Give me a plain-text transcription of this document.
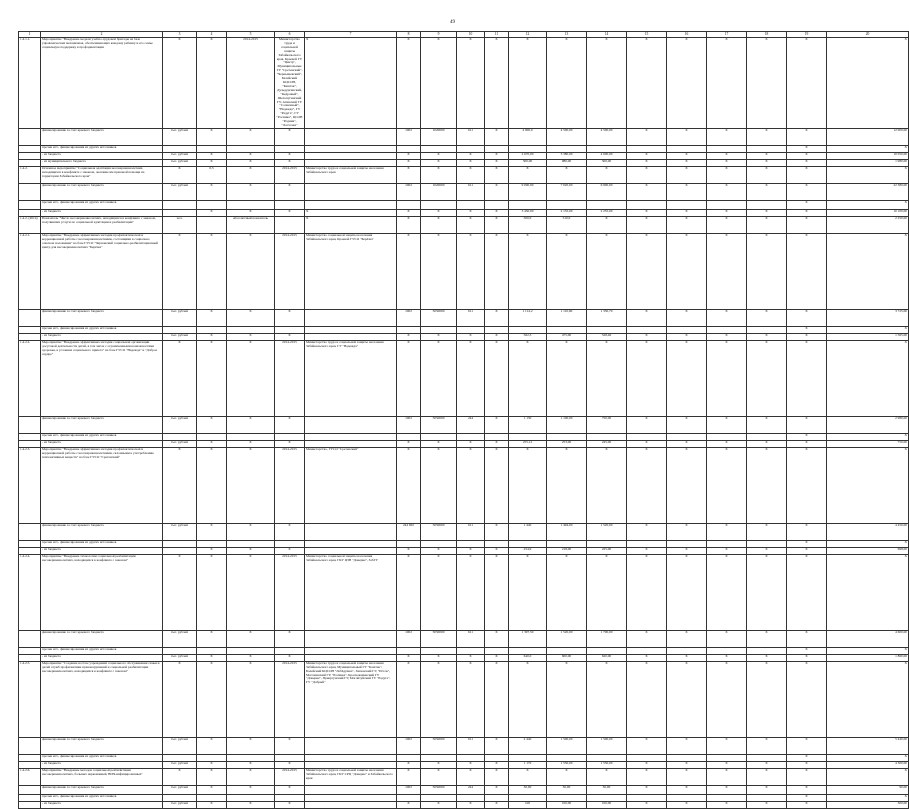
49
1	2	3	4	5	6	7	8	9	10	11	12	13	14	15	16	17	18	19	20
1.4.1.1.	Мероприятие "Внедрение модели учебно-трудовой бригады на базе управленческих механизмов, обеспечивающих каждому ребенку и его семье социальную поддержку в профориентации	X	X	2014-2015	Министерство труда и социальной защиты Забайкальского края, Краевой ГУ "Центр", Муниципальные ГУ "Сретенский", "Чернышевский", Балейский КЦСОН, "Каштак", Дульдургинский, "Кедровый", Шелопугинский ГУ, Агинский ГУ "Солнечный", "Надежда", ГУ "Радуга", ГУ "Росинка", ЦСОН "Родник", "Ласточка"	X	X	X	X	X	X	X	X	X	X	X	X	X	X
	финансирование за счет краевого бюджета	тыс. рублей	X	X	X		1002	1020000	611	X	4 000,0	4 500,00	4 500,00	X	X	X	X	X	12 000,00
	прочие ист., финансирования из других источников																	X	X
	- из бюджета	тыс. рублей	X	X	X		X	X	X	X	2 670,00	3 380,00	4 000,00	X	X	X	X	X	10 050,00
	- из муниципального бюджета	тыс. рублей	X	X	X		X	X	X	X	500,00	980,00	500,00	X	X	X	X	X	1 980,00
1.4.2.	Основное мероприятие "Социальная адаптация несовершеннолетних, находящихся в конфликте с законом, оказание им правовой помощи на территории Забайкальского края"	X	0,5	X	2014-2015	Министерство труда и социальной защиты населения Забайкальского края	X	X	X	X	X	X	X	X	X	X	X	X	X
	финансирование за счет краевого бюджета	тыс. рублей	X	X	X		1002	1020000	611	X	9 000,00	7 020,00	6 900,00	X	X	X	X	X	22 380,00
	прочие ист., финансирования из других источников																	X	X
	- из бюджета		X	X	X	X	X	X	X	X	3 450,00	2 135,00	2 255,00	X	X	X	X	X	10 100,00
1.4.2. (2014)	Показатель "Число несовершеннолетних, находящихся в конфликте с законом, получивших услуги по социальной адаптации и реабилитации"	чел.		Абсолютный показатель		X	X	X	X	X	500,0	510,0	X	X	X	X	X	X	2 250,00
1.4.2.1.	Мероприятие "Внедрение эффективных методик профилактической и коррекционной работы с несовершеннолетними, состоящими в социально опасном положении" на базе ГУСО "Черновский социально-реабилитационный центр для несовершеннолетних "Берёзка"	X	X	X	2014-2015	Министерство социальной защиты населения Забайкальского края, Краевой ГУСО "Берёзка"	X	X	X	X	X	X	X	X	X	X	X	X	X
	финансирование за счет краевого бюджета	тыс. рублей	X	X	X		1002	5050000	611	X	1 114,2	1 110,60	1 330,70	X	X	X	X	X	3 725,00
	прочие ист., финансирования из других источников																	X	X
	- из бюджета	тыс. рублей	X	X	X		X	X	X	X	562,3	475,00	528,46	X	X	X	X	X	1 565,00
1.4.2.2.	Мероприятие "Внедрение эффективных методик социальной организации досуговой деятельности детей, в том числе с ограниченными возможностями здоровья, в условиях социального приюта" на базе ГУСО "Надежда" и "Доброе сердце"	X	X	X	2014-2015	Министерство труда и социальной защиты населения Забайкальского края, ГУ "Надежда"	X	X	X	X	X	X	X	X	X	X	X	X	X
	финансирование за счет краевого бюджета	тыс. рублей	X	X	X		1002	5050000	244	X	1 130	1 100,00	750,00	X	X	X	X	X	2 980,00
	прочие ист., финансирования из других источников																	X	X
	- из бюджета	тыс. рублей	X	X	X		X	X	X	X	255,12	253,00	245,00	X	X	X	X	X	750,00
1.4.2.3.	Мероприятие "Внедрение эффективных методик профилактической и коррекционной работы с несовершеннолетними, склонными к употреблению психоактивных веществ" на базе ГУСО "Сретенский"	X	X	X	2014-2015	Министерство, ГУСО "Сретенский"	X	X	X	X	X	X	X	X	X	X	X	X	X
	финансирование за счет краевого бюджета	тыс. рублей	X	X	X		244 002	5050000	611	X	1 440	1 494,00	1 520,00	X	X	X	X	X	4 450,00
	прочие ист., финансирования из других источников																	X	X
	- из бюджета		X	X	X		X	X	X	X	254,9	218,00	225,00	X	X	X	X	X	698,00
1.4.2.4.	Мероприятие "Внедрение технологии социальной реабилитации несовершеннолетних, находящихся в конфликте с законом"	X	X	X	2014-2015	Министерство социальной защиты населения Забайкальского края, ГКУ ЦЗН "Доверие", ЗабГУ	X	X	X	X	X	X	X	X	X	X	X	X	X
	финансирование за счет краевого бюджета	тыс. рублей	X	X	X		1002	5050000	611	X	1 397,50	1 520,00	1 700,00	X	X	X	X	X	4 600,00
	прочие ист., финансирования из других источников																	X	X
	- из бюджета	тыс. рублей	X	X	X		X	X	X	X	640,0	600,00	620,00	X	X	X	X	X	1 860,00
1.4.2.5.	Мероприятие "Создание на базе учреждений социального обслуживания семьи и детей служб профилактики правонарушений и социальной реабилитации несовершеннолетних, находящихся в конфликте с законом"	X	X	X	2014-2015	Министерство труда и социальной защиты населения Забайкальского края, Муниципальный ГУ "Каштак", Балейский КЦСОН "Лебёдушка", Хилокский ГУ, "Исток", Могочинский ГУ, "Росинка", Краснокаменский ГУ "Доверие", Приаргунский ГУ, Могойтуйский ГУ "Радуга", ГУ "Добрый"	X	X	X	X	X	X	X	X	X	X	X	X	X
	финансирование за счет краевого бюджета	тыс. рублей	X	X	X		1002	5050000	611	X	2 440	1 500,00	1 500,00	X	X	X	X	X	5 440,00
	прочие ист., финансирования из других источников																	X	X
	- из бюджета	тыс. рублей	X	X	X		X	X	X	X	1 170	1 550,00	1 550,00	X	X	X	X	X	4 300,00
1.4.2.6.	Мероприятие "Внедрение методов социальной реабилитации несовершеннолетних, больных наркоманией, ВИЧ-инфицированных"	X	X	X	2014-2015	Министерство труда и социальной защиты населения Забайкальского края, ГКУ СРЦ "Доверие" и Забайкальского края	X	X	X	X	X	X	X	X	X	X	X	X	X
	финансирование за счет краевого бюджета	тыс. рублей	X	X	X		1002	5050000	244	X	30,00	30,00	30,00	X	X	X	X	X	90,00
	прочие ист., финансирования из других источников																	X	X
	- из бюджета	тыс. рублей	X	X	X		X	X	X	X	100	100,00	100,00	X	X	X	X	X	300,00
